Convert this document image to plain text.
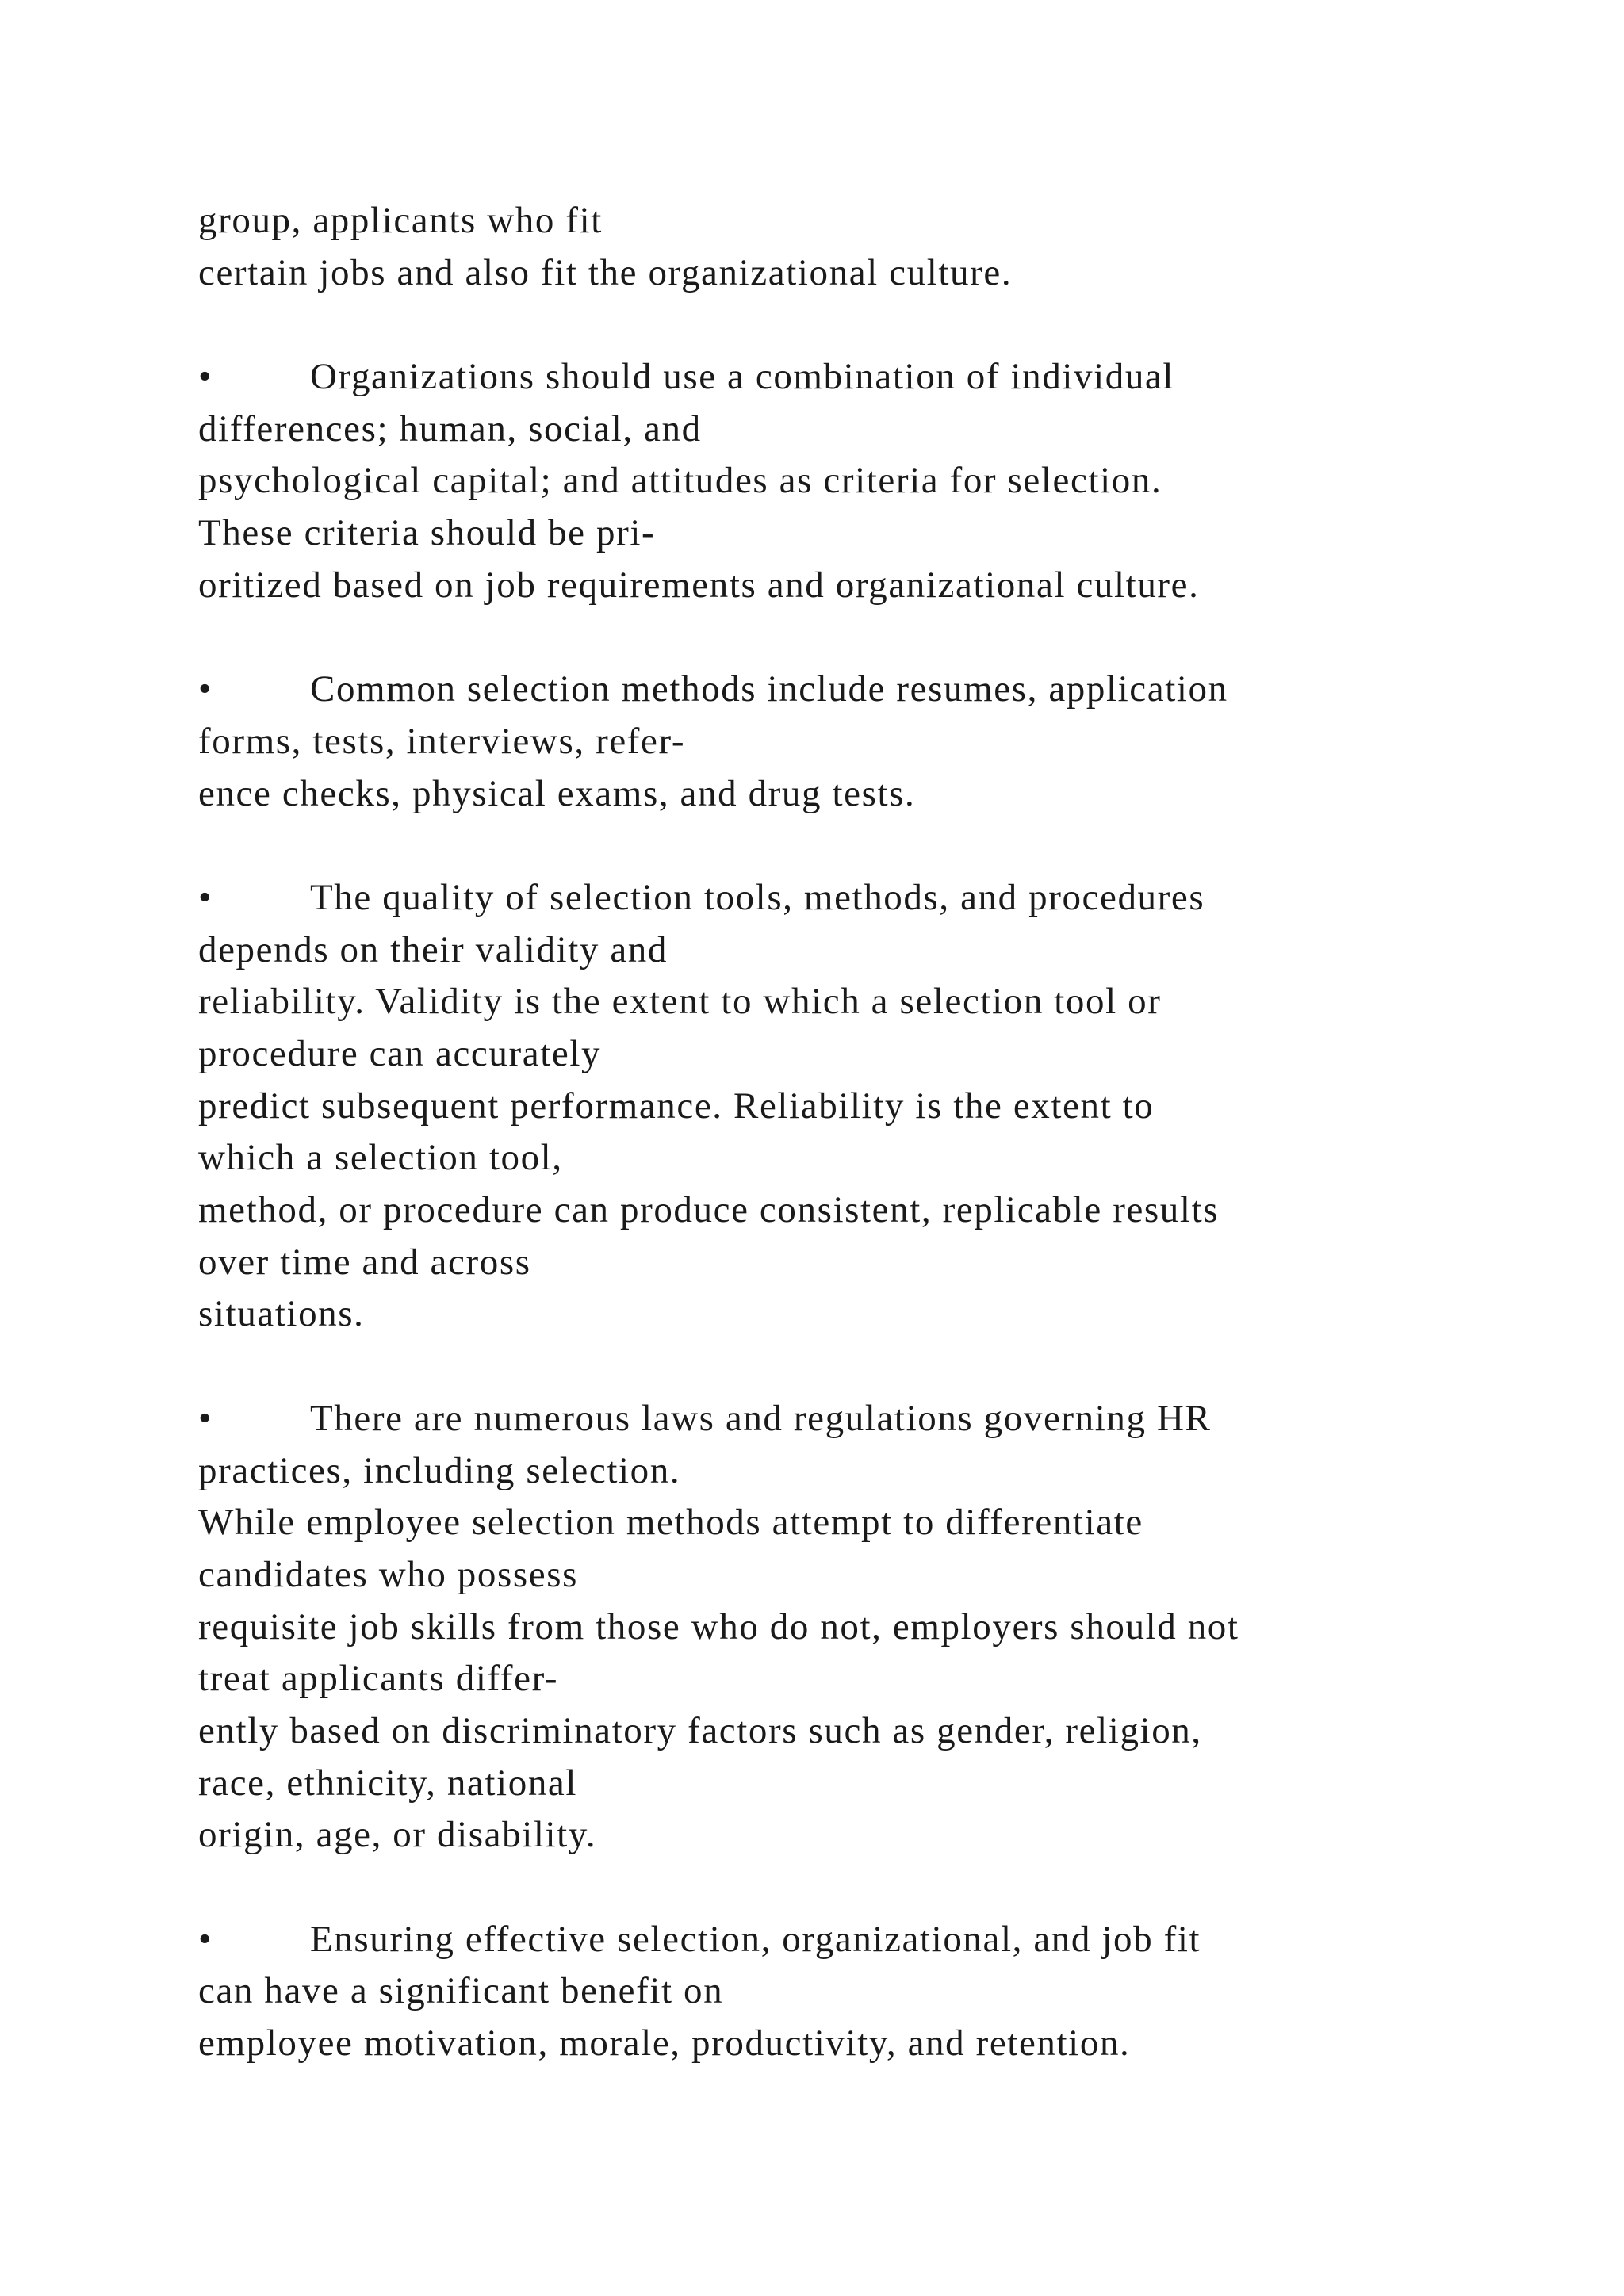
group, applicants who fit
certain jobs and also fit the organizational culture.
•	Organizations should use a combination of individual
differences; human, social, and
psychological capital; and attitudes as criteria for selection.
These criteria should be pri-
oritized based on job requirements and organizational culture.
•	Common selection methods include resumes, application
forms, tests, interviews, refer-
ence checks, physical exams, and drug tests.
•	The quality of selection tools, methods, and procedures
depends on their validity and
reliability. Validity is the extent to which a selection tool or
procedure can accurately
predict subsequent performance. Reliability is the extent to
which a selection tool,
method, or procedure can produce consistent, replicable results
over time and across
situations.
•	There are numerous laws and regulations governing HR
practices, including selection.
While employee selection methods attempt to differentiate
candidates who possess
requisite job skills from those who do not, employers should not
treat applicants differ-
ently based on discriminatory factors such as gender, religion,
race, ethnicity, national
origin, age, or disability.
•	Ensuring effective selection, organizational, and job fit
can have a significant benefit on
employee motivation, morale, productivity, and retention.
